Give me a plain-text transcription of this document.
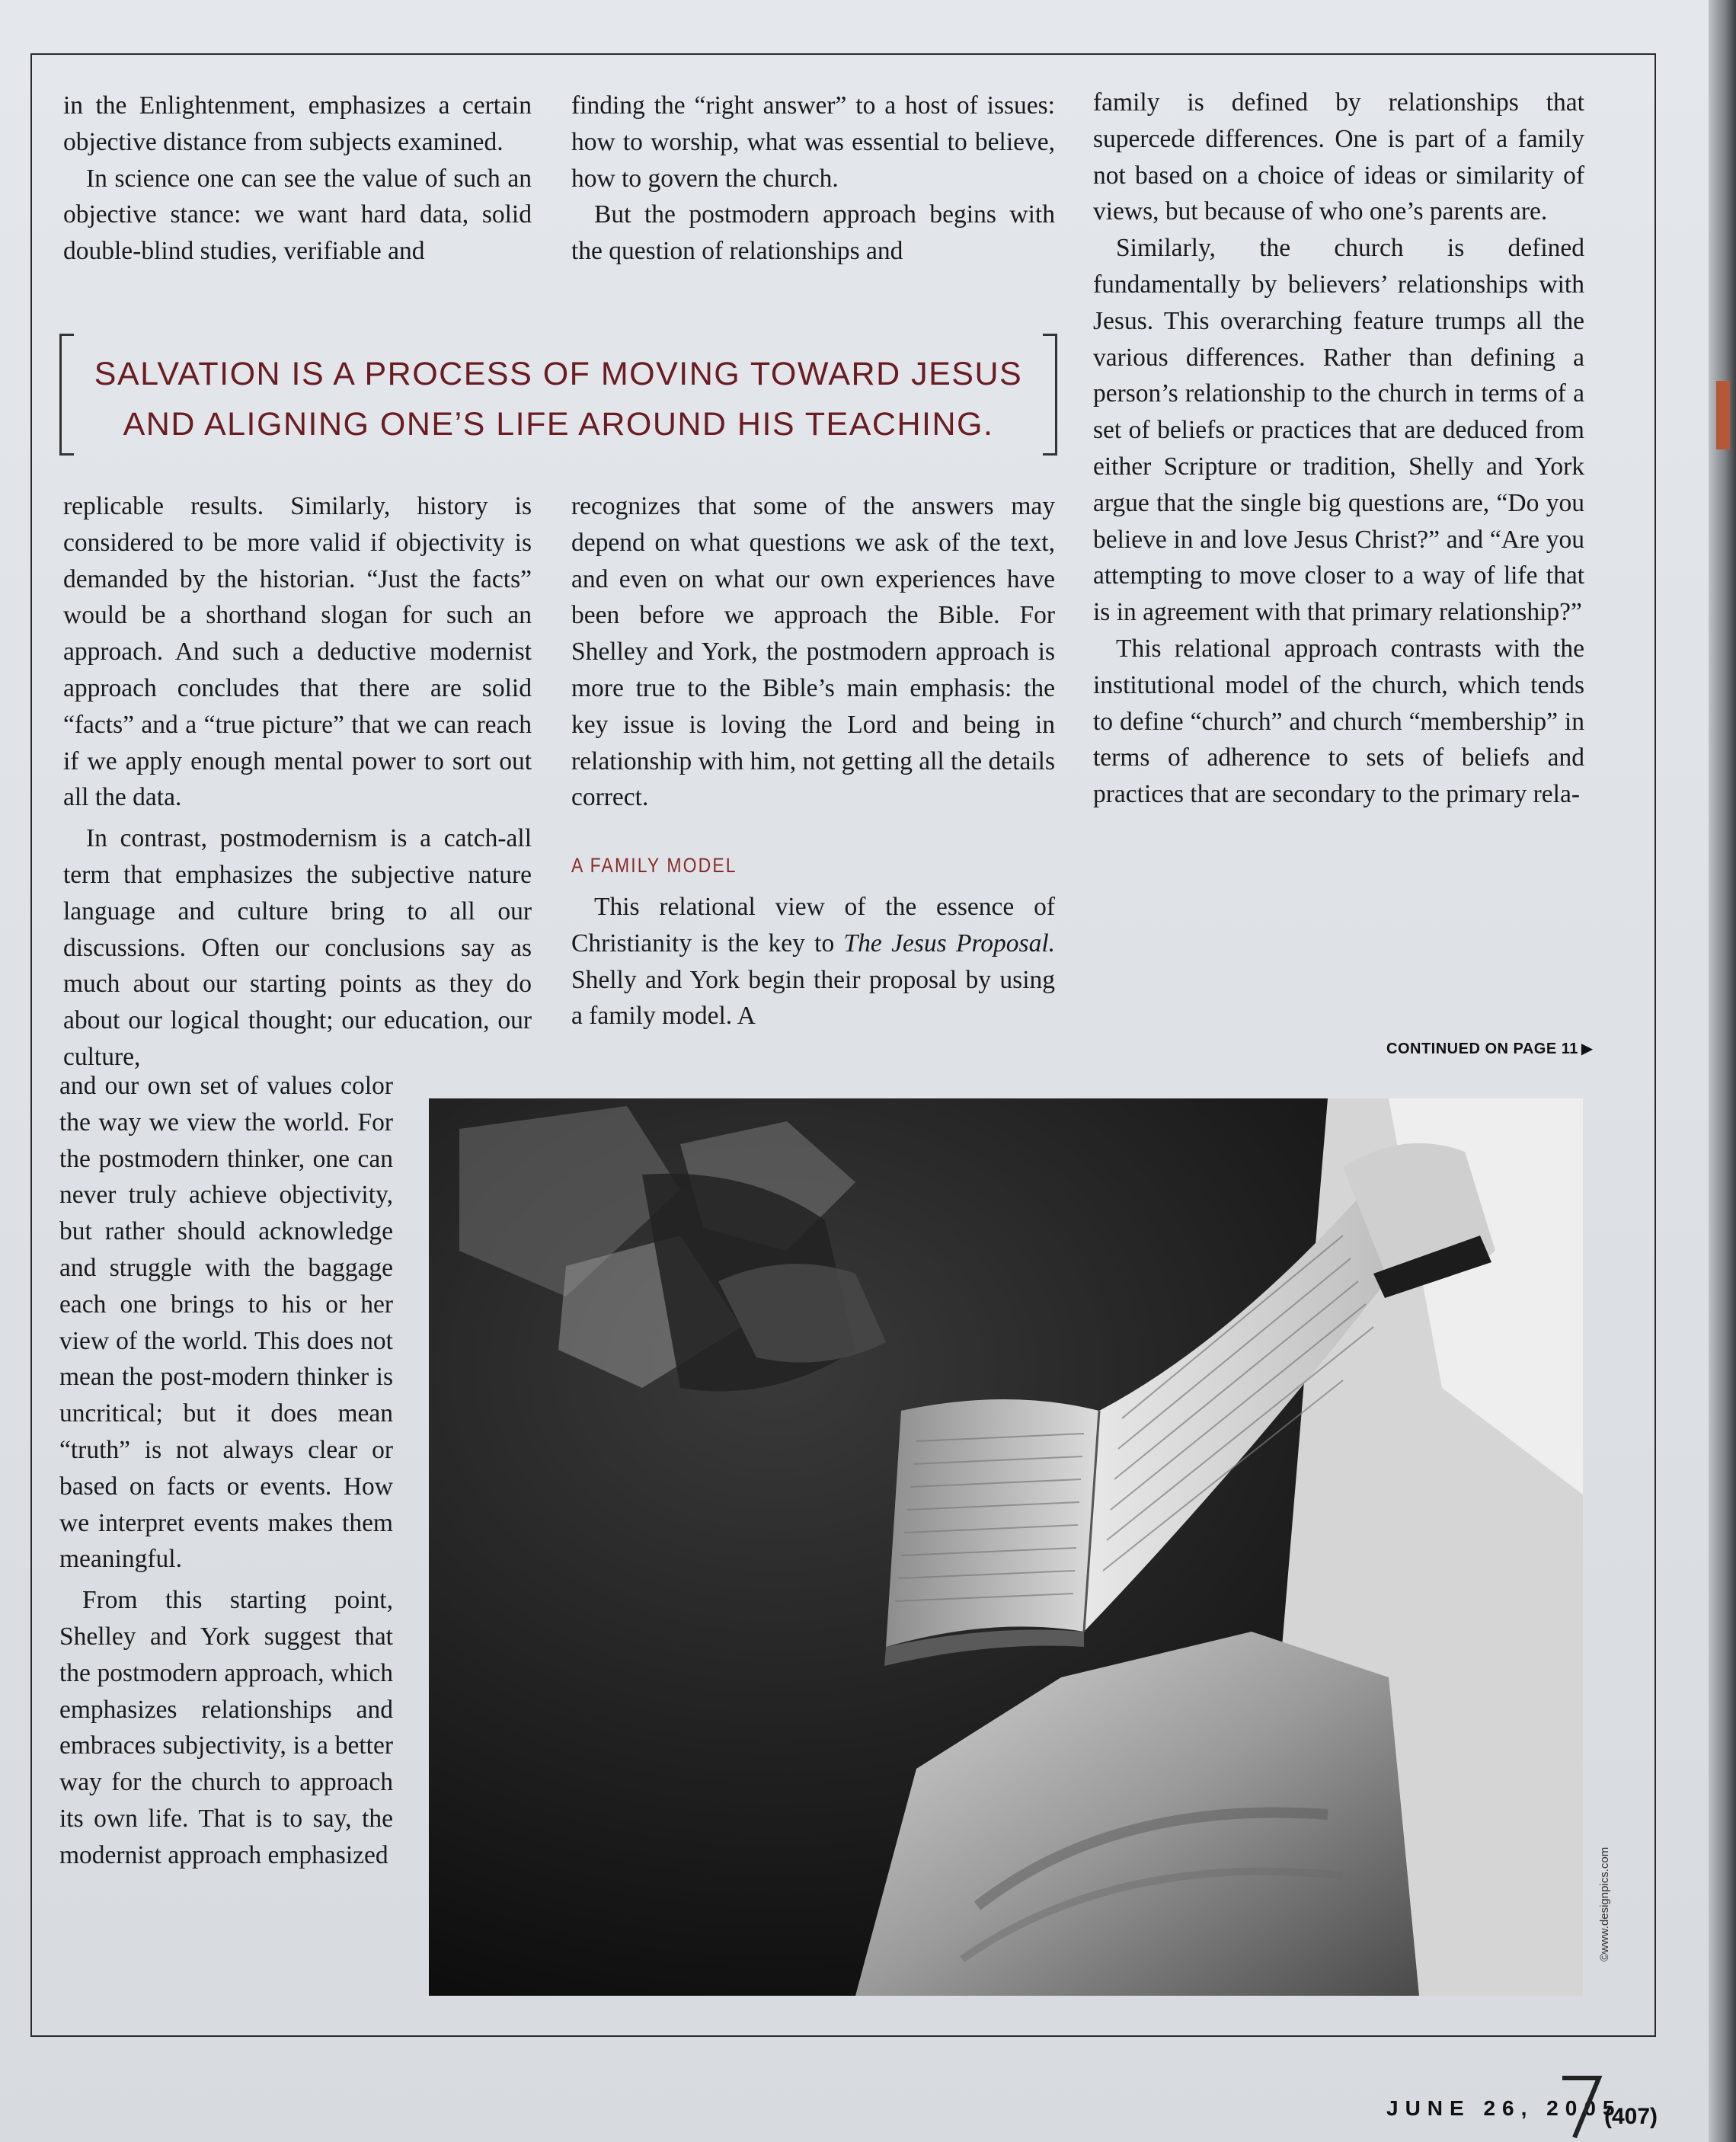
in the Enlightenment, emphasizes a certain objective distance from subjects examined.

In science one can see the value of such an objective stance: we want hard data, solid double-blind studies, verifiable and

finding the “right answer” to a host of issues: how to worship, what was essential to believe, how to govern the church.

But the postmodern approach begins with the question of relationships and

SALVATION IS A PROCESS OF MOVING TOWARD JESUS
AND ALIGNING ONE’S LIFE AROUND HIS TEACHING.

replicable results. Similarly, history is considered to be more valid if objectivity is demanded by the historian. “Just the facts” would be a shorthand slogan for such an approach. And such a deductive modernist approach concludes that there are solid “facts” and a “true picture” that we can reach if we apply enough mental power to sort out all the data.

In contrast, postmodernism is a catch-all term that emphasizes the subjective nature language and culture bring to all our discussions. Often our conclusions say as much about our starting points as they do about our logical thought; our education, our culture,

and our own set of values color the way we view the world. For the postmodern thinker, one can never truly achieve objectivity, but rather should acknowledge and struggle with the baggage each one brings to his or her view of the world. This does not mean the post-modern thinker is uncritical; but it does mean “truth” is not always clear or based on facts or events. How we interpret events makes them meaningful.

From this starting point, Shelley and York suggest that the postmodern approach, which emphasizes relationships and embraces subjectivity, is a better way for the church to approach its own life. That is to say, the modernist approach emphasized

recognizes that some of the answers may depend on what questions we ask of the text, and even on what our own experiences have been before we approach the Bible. For Shelley and York, the postmodern approach is more true to the Bible’s main emphasis: the key issue is loving the Lord and being in relationship with him, not getting all the details correct.

A FAMILY MODEL

This relational view of the essence of Christianity is the key to The Jesus Proposal. Shelly and York begin their proposal by using a family model. A

family is defined by relationships that supercede differences. One is part of a family not based on a choice of ideas or similarity of views, but because of who one’s parents are.

Similarly, the church is defined fundamentally by believers’ relationships with Jesus. This overarching feature trumps all the various differences. Rather than defining a person’s relationship to the church in terms of a set of beliefs or practices that are deduced from either Scripture or tradition, Shelly and York argue that the single big questions are, “Do you believe in and love Jesus Christ?” and “Are you attempting to move closer to a way of life that is in agreement with that primary relationship?”

This relational approach contrasts with the institutional model of the church, which tends to define “church” and church “membership” in terms of adherence to sets of beliefs and practices that are secondary to the primary rela-

CONTINUED ON PAGE 11 ▶
©www.designpics.com
JUNE 26, 2005
(407)
